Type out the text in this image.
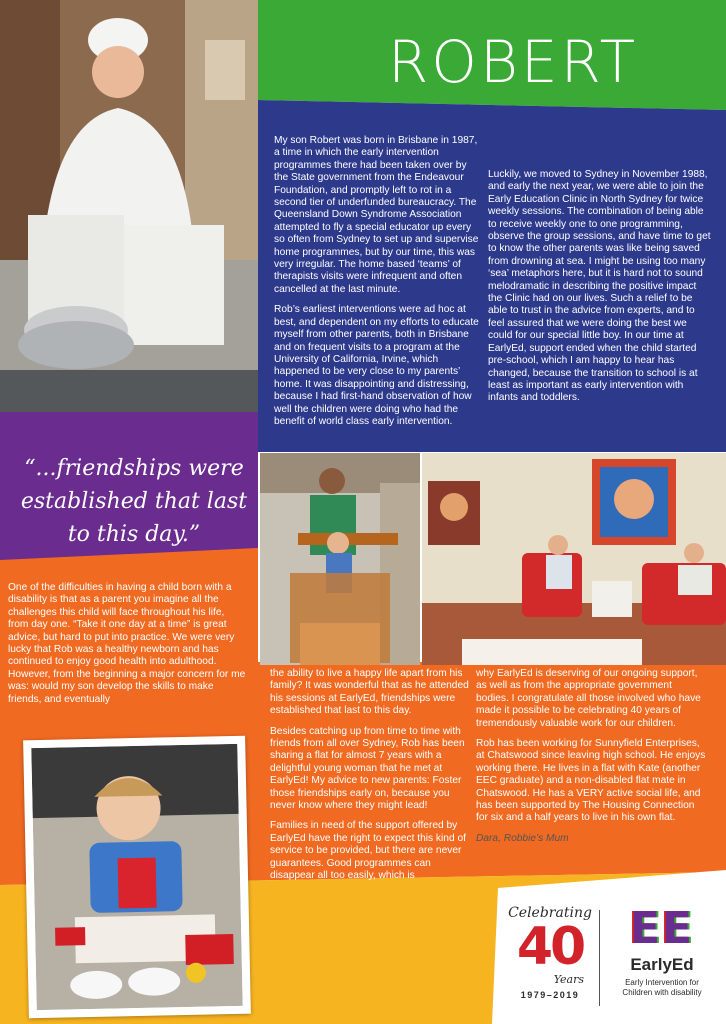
ROBERT
“...friendships were established that last to this day.”

My son Robert was born in Brisbane in 1987, a time in which the early intervention programmes there had been taken over by the State government from the Endeavour Foundation, and promptly left to rot in a second tier of underfunded bureaucracy. The Queensland Down Syndrome Association attempted to fly a special educator up every so often from Sydney to set up and supervise home programmes, but by our time, this was very irregular. The home based ‘teams’ of therapists visits were infrequent and often cancelled at the last minute.

Rob’s earliest interventions were ad hoc at best, and dependent on my efforts to educate myself from other parents, both in Brisbane and on frequent visits to a program at the University of California, Irvine, which happened to be very close to my parents’ home. It was disappointing and distressing, because I had first-hand observation of how well the children were doing who had the benefit of world class early intervention.

Luckily, we moved to Sydney in November 1988, and early the next year, we were able to join the Early Education Clinic in North Sydney for twice weekly sessions. The combination of being able to receive weekly one to one programming, observe the group sessions, and have time to get to know the other parents was like being saved from drowning at sea. I might be using too many ‘sea’ metaphors here, but it is hard not to sound melodramatic in describing the positive impact the Clinic had on our lives. Such a relief to be able to trust in the advice from experts, and to feel assured that we were doing the best we could for our special little boy. In our time at EarlyEd, support ended when the child started pre-school, which I am happy to hear has changed, because the transition to school is at least as important as early intervention with infants and toddlers.

One of the difficulties in having a child born with a disability is that as a parent you imagine all the challenges this child will face throughout his life, from day one. “Take it one day at a time” is great advice, but hard to put into practice. We were very lucky that Rob was a healthy newborn and has continued to enjoy good health into adulthood. However, from the beginning a major concern for me was: would my son develop the skills to make friends, and eventually

the ability to live a happy life apart from his family? It was wonderful that as he attended his sessions at EarlyEd, friendships were established that last to this day.

Besides catching up from time to time with friends from all over Sydney, Rob has been sharing a flat for almost 7 years with a delightful young woman that he met at EarlyEd! My advice to new parents: Foster those friendships early on, because you never know where they might lead!

Families in need of the support offered by EarlyEd have the right to expect this kind of service to be provided, but there are never guarantees. Good programmes can disappear all too easily, which is

why EarlyEd is deserving of our ongoing support, as well as from the appropriate government bodies. I congratulate all those involved who have made it possible to be celebrating 40 years of tremendously valuable work for our children.

Rob has been working for Sunnyfield Enterprises, at Chatswood since leaving high school. He enjoys working there. He lives in a flat with Kate (another EEC graduate) and a non-disabled flat mate in Chatswood. He has a VERY active social life, and has been supported by The Housing Connection for six and a half years to live in his own flat.

Dara, Robbie’s Mum

Celebrating
40
Years
1979–2019
EE
EarlyEd
Early Intervention for Children with disability
